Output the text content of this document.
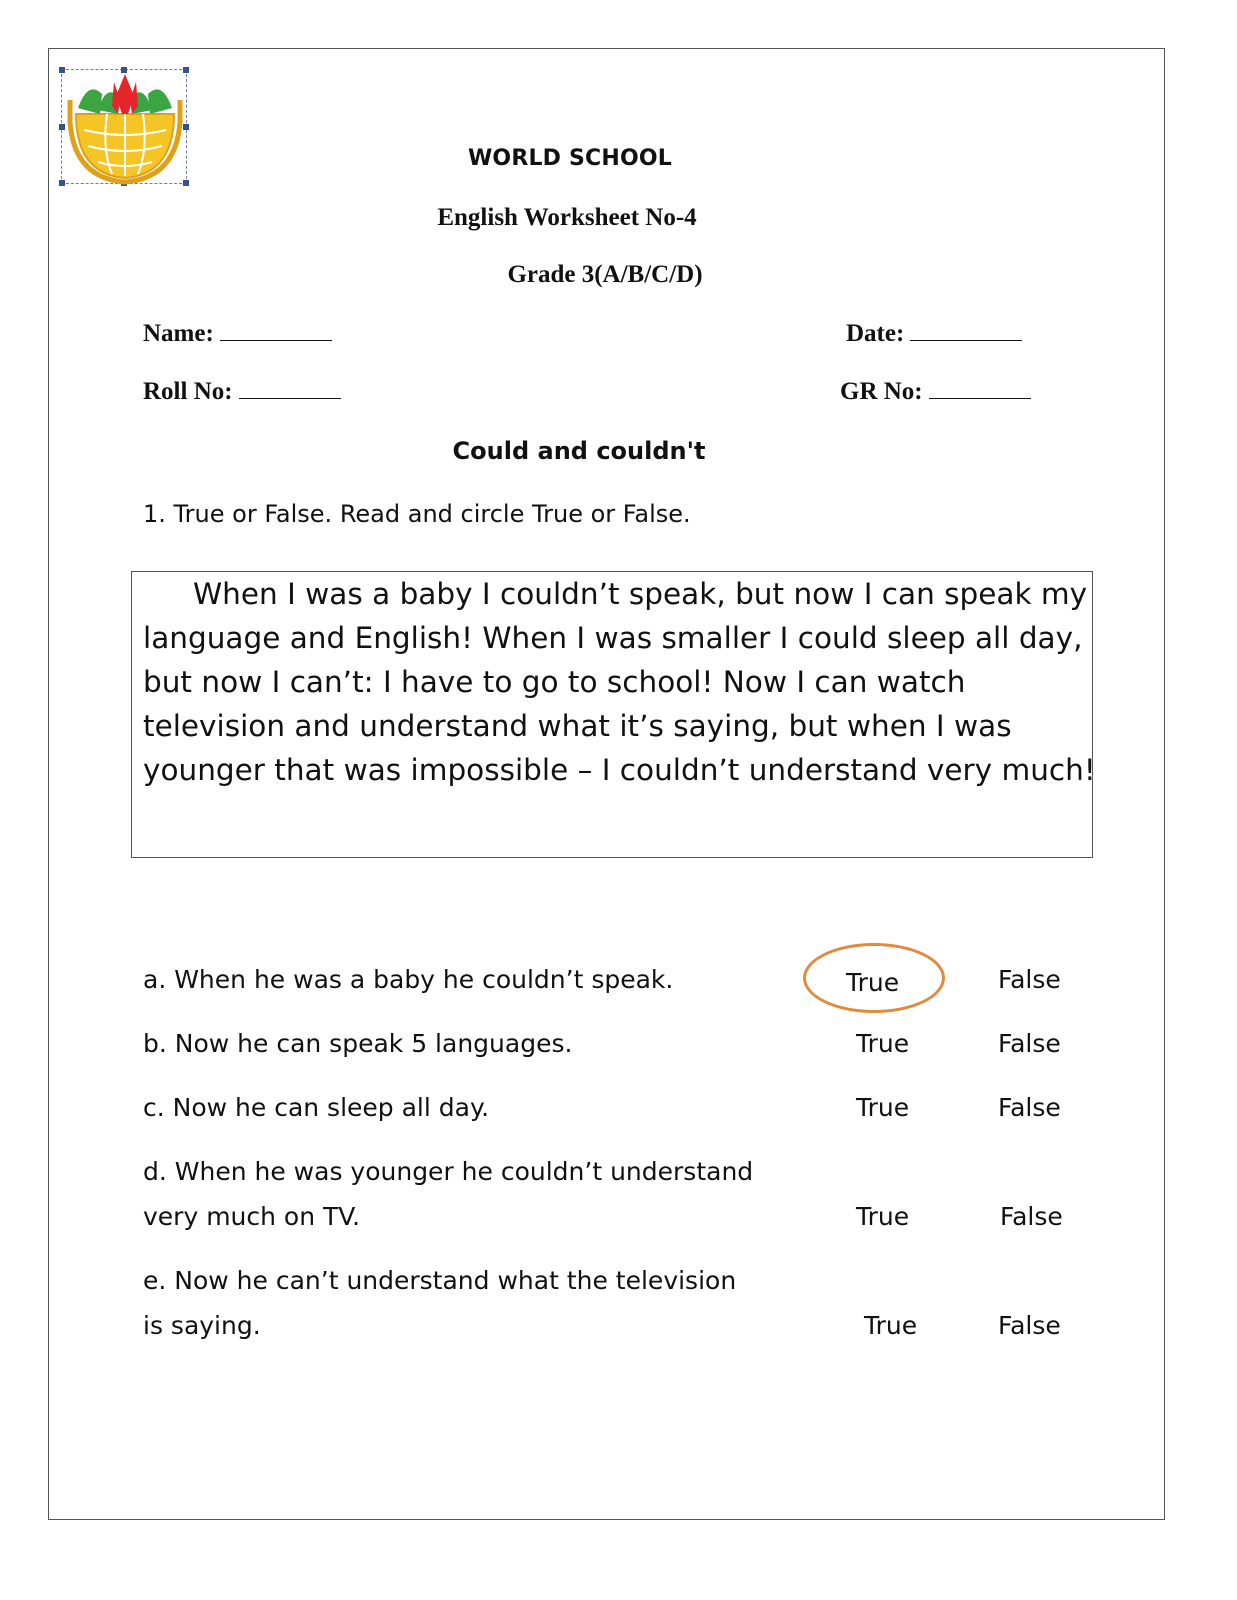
WORLD SCHOOL
English Worksheet No-4
Grade 3(A/B/C/D)
Name:	Date:
Roll No:	GR No:
Could and couldn't
1. True or False. Read and circle True or False.
When I was a baby I couldn’t speak, but now I can speak my
language and English! When I was smaller I could sleep all day,
but now I can’t: I have to go to school! Now I can watch
television and understand what it’s saying, but when I was
younger that was impossible – I couldn’t understand very much!
a. When he was a baby he couldn’t speak.	True	False
b. Now he can speak 5 languages.	True	False
c. Now he can sleep all day.	True	False
d. When he was younger he couldn’t understand
very much on TV.	True	False
e. Now he can’t understand what the television
is saying.	True	False
